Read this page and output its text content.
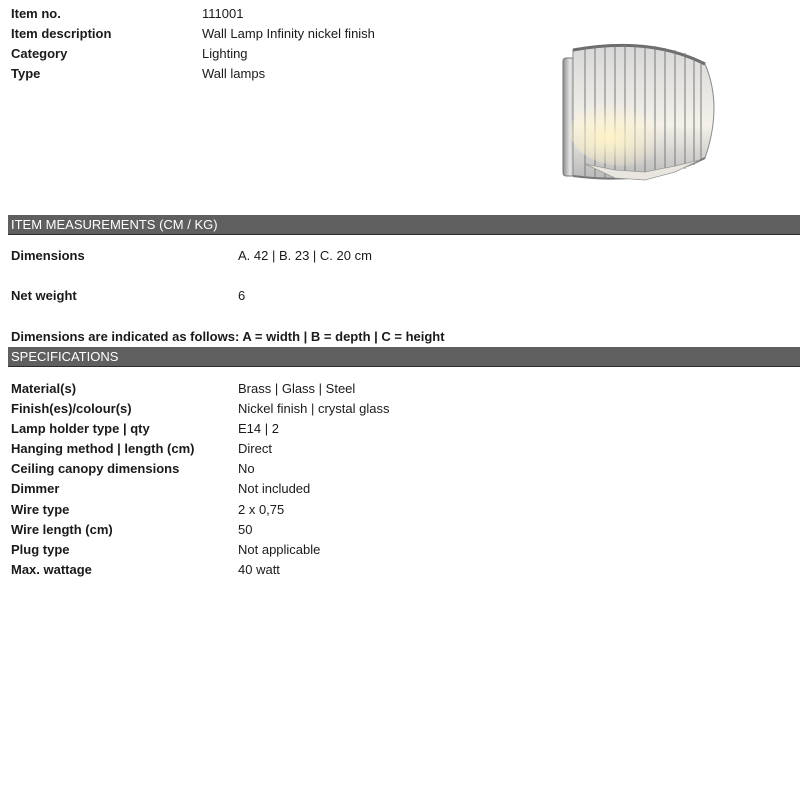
Item no.	111001
Item description	Wall Lamp Infinity nickel finish
Category	Lighting
Type	Wall lamps
ITEM MEASUREMENTS (CM / KG)
Dimensions	A. 42 | B. 23 | C. 20 cm
Net weight	6
Dimensions are indicated as follows: A = width | B = depth | C = height
SPECIFICATIONS
Material(s)	Brass | Glass | Steel
Finish(es)/colour(s)	Nickel finish | crystal glass
Lamp holder type | qty	E14 | 2
Hanging method | length (cm)	Direct
Ceiling canopy dimensions	No
Dimmer	Not included
Wire type	2 x 0,75
Wire length (cm)	50
Plug type	Not applicable
Max. wattage	40 watt
